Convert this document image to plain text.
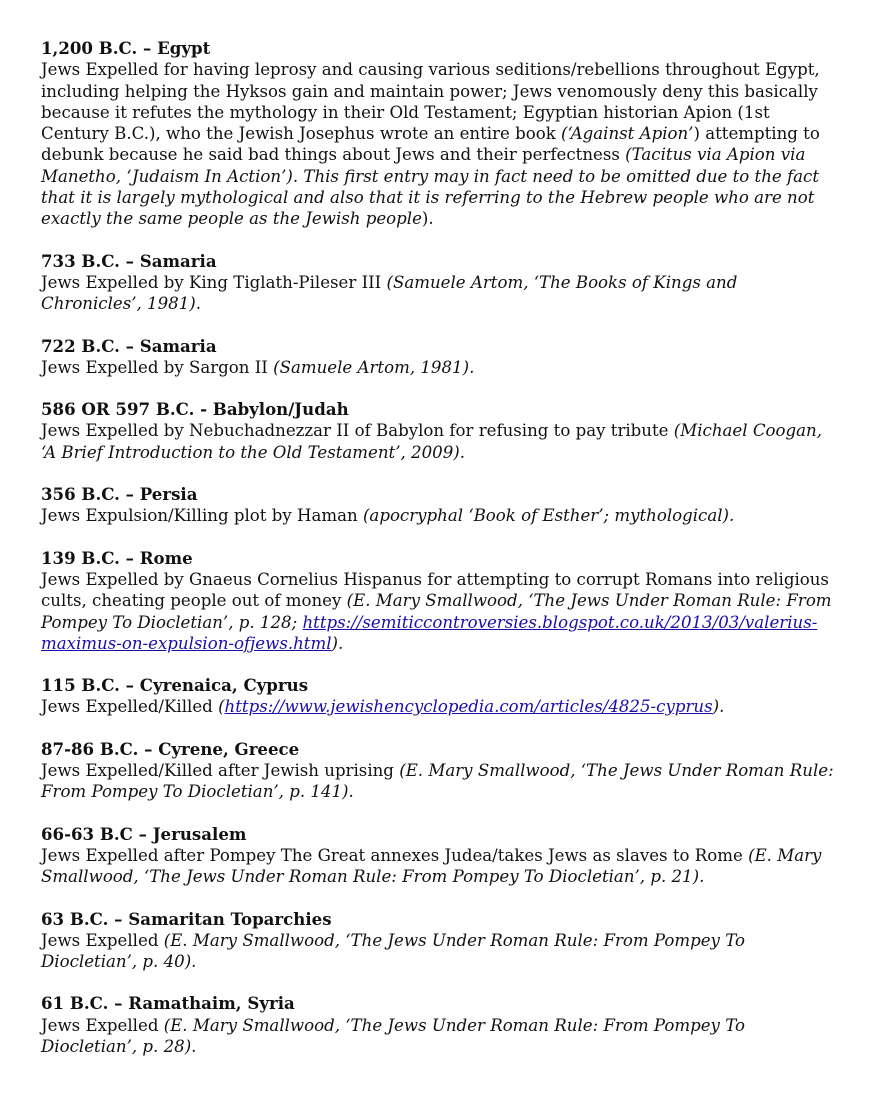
1,200 B.C. – Egypt
Jews Expelled for having leprosy and causing various seditions/rebellions throughout Egypt, including helping the Hyksos gain and maintain power; Jews venomously deny this basically because it refutes the mythology in their Old Testament; Egyptian historian Apion (1st Century B.C.), who the Jewish Josephus wrote an entire book (‘Against Apion’) attempting to debunk because he said bad things about Jews and their perfectness (Tacitus via Apion via Manetho, ‘Judaism In Action’). This first entry may in fact need to be omitted due to the fact that it is largely mythological and also that it is referring to the Hebrew people who are not exactly the same people as the Jewish people).
733 B.C. – Samaria
Jews Expelled by King Tiglath-Pileser III (Samuele Artom, ‘The Books of Kings and Chronicles’, 1981).
722 B.C. – Samaria
Jews Expelled by Sargon II (Samuele Artom, 1981).
586 OR 597 B.C. - Babylon/Judah
Jews Expelled by Nebuchadnezzar II of Babylon for refusing to pay tribute (Michael Coogan, ‘A Brief Introduction to the Old Testament’, 2009).
356 B.C. – Persia
Jews Expulsion/Killing plot by Haman (apocryphal ‘Book of Esther’; mythological).
139 B.C. – Rome
Jews Expelled by Gnaeus Cornelius Hispanus for attempting to corrupt Romans into religious cults, cheating people out of money (E. Mary Smallwood, ‘The Jews Under Roman Rule: From Pompey To Diocletian’, p. 128; https://semiticcontroversies.blogspot.co.uk/2013/03/valerius-maximus-on-expulsion-ofjews.html).
115 B.C. – Cyrenaica, Cyprus
Jews Expelled/Killed (https://www.jewishencyclopedia.com/articles/4825-cyprus).
87-86 B.C. – Cyrene, Greece
Jews Expelled/Killed after Jewish uprising (E. Mary Smallwood, ‘The Jews Under Roman Rule: From Pompey To Diocletian’, p. 141).
66-63 B.C – Jerusalem
Jews Expelled after Pompey The Great annexes Judea/takes Jews as slaves to Rome (E. Mary Smallwood, ‘The Jews Under Roman Rule: From Pompey To Diocletian’, p. 21).
63 B.C. – Samaritan Toparchies
Jews Expelled (E. Mary Smallwood, ‘The Jews Under Roman Rule: From Pompey To Diocletian’, p. 40).
61 B.C. – Ramathaim, Syria
Jews Expelled (E. Mary Smallwood, ‘The Jews Under Roman Rule: From Pompey To Diocletian’, p. 28).
